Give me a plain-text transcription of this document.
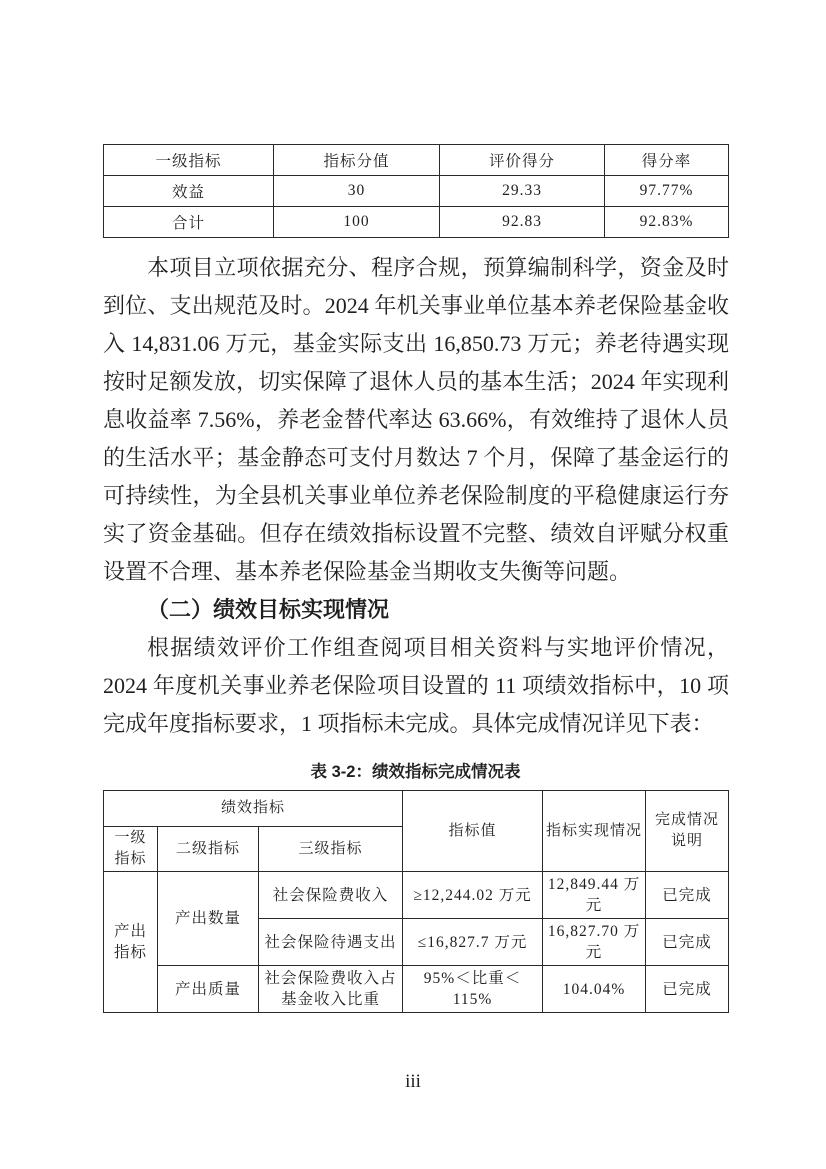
一级指标	指标分值	评价得分	得分率
效益	30	29.33	97.77%
合计	100	92.83	92.83%

本项目立项依据充分、程序合规，预算编制科学，资金及时到位、支出规范及时。2024 年机关事业单位基本养老保险基金收入 14,831.06 万元，基金实际支出 16,850.73 万元；养老待遇实现按时足额发放，切实保障了退休人员的基本生活；2024 年实现利息收益率 7.56%，养老金替代率达 63.66%，有效维持了退休人员的生活水平；基金静态可支付月数达 7 个月，保障了基金运行的可持续性，为全县机关事业单位养老保险制度的平稳健康运行夯实了资金基础。但存在绩效指标设置不完整、绩效自评赋分权重设置不合理、基本养老保险基金当期收支失衡等问题。

（二）绩效目标实现情况

根据绩效评价工作组查阅项目相关资料与实地评价情况，2024 年度机关事业养老保险项目设置的 11 项绩效指标中，10 项完成年度指标要求，1 项指标未完成。具体完成情况详见下表：

表 3-2：绩效指标完成情况表
绩效指标			指标值	指标实现情况	完成情况说明
一级指标	二级指标	三级指标			
产出指标	产出数量	社会保险费收入	≥12,244.02 万元	12,849.44 万元	已完成
		社会保险待遇支出	≤16,827.7 万元	16,827.70 万元	已完成
	产出质量	社会保险费收入占基金收入比重	95%＜比重＜115%	104.04%	已完成
iii
